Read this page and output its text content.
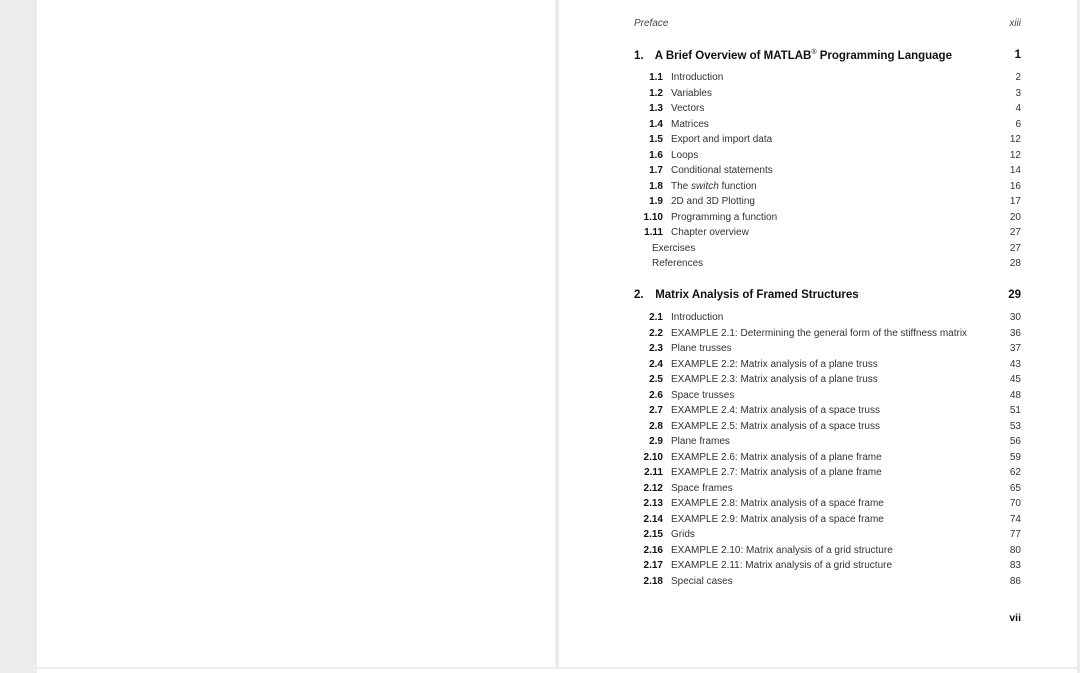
Preface	xiii
1. A Brief Overview of MATLAB® Programming Language	1
1.1 Introduction	2
1.2 Variables	3
1.3 Vectors	4
1.4 Matrices	6
1.5 Export and import data	12
1.6 Loops	12
1.7 Conditional statements	14
1.8 The switch function	16
1.9 2D and 3D Plotting	17
1.10 Programming a function	20
1.11 Chapter overview	27
Exercises	27
References	28
2. Matrix Analysis of Framed Structures	29
2.1 Introduction	30
2.2 EXAMPLE 2.1: Determining the general form of the stiffness matrix	36
2.3 Plane trusses	37
2.4 EXAMPLE 2.2: Matrix analysis of a plane truss	43
2.5 EXAMPLE 2.3: Matrix analysis of a plane truss	45
2.6 Space trusses	48
2.7 EXAMPLE 2.4: Matrix analysis of a space truss	51
2.8 EXAMPLE 2.5: Matrix analysis of a space truss	53
2.9 Plane frames	56
2.10 EXAMPLE 2.6: Matrix analysis of a plane frame	59
2.11 EXAMPLE 2.7: Matrix analysis of a plane frame	62
2.12 Space frames	65
2.13 EXAMPLE 2.8: Matrix analysis of a space frame	70
2.14 EXAMPLE 2.9: Matrix analysis of a space frame	74
2.15 Grids	77
2.16 EXAMPLE 2.10: Matrix analysis of a grid structure	80
2.17 EXAMPLE 2.11: Matrix analysis of a grid structure	83
2.18 Special cases	86
vii
